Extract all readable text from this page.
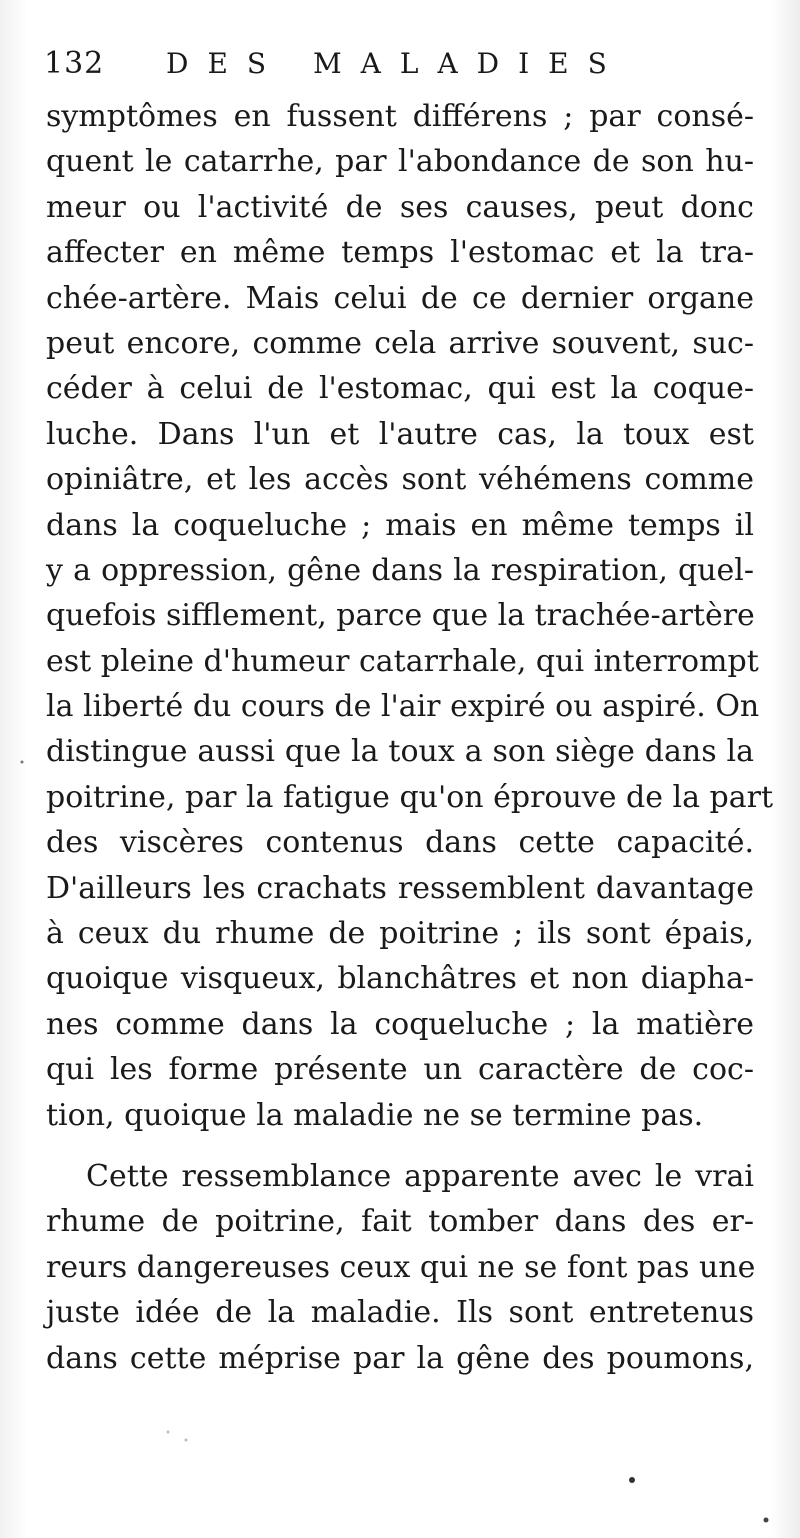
132 DES MALADIES
symptômes en fussent différens ; par consé-
quent le catarrhe, par l'abondance de son hu-
meur ou l'activité de ses causes, peut donc
affecter en même temps l'estomac et la tra-
chée-artère. Mais celui de ce dernier organe
peut encore, comme cela arrive souvent, suc-
céder à celui de l'estomac, qui est la coque-
luche. Dans l'un et l'autre cas, la toux est
opiniâtre, et les accès sont véhémens comme
dans la coqueluche ; mais en même temps il
y a oppression, gêne dans la respiration, quel-
quefois sifflement, parce que la trachée-artère
est pleine d'humeur catarrhale, qui interrompt
la liberté du cours de l'air expiré ou aspiré. On
distingue aussi que la toux a son siège dans la
poitrine, par la fatigue qu'on éprouve de la part
des viscères contenus dans cette capacité.
D'ailleurs les crachats ressemblent davantage
à ceux du rhume de poitrine ; ils sont épais,
quoique visqueux, blanchâtres et non diapha-
nes comme dans la coqueluche ; la matière
qui les forme présente un caractère de coc-
tion, quoique la maladie ne se termine pas.
Cette ressemblance apparente avec le vrai
rhume de poitrine, fait tomber dans des er-
reurs dangereuses ceux qui ne se font pas une
juste idée de la maladie. Ils sont entretenus
dans cette méprise par la gêne des poumons,
